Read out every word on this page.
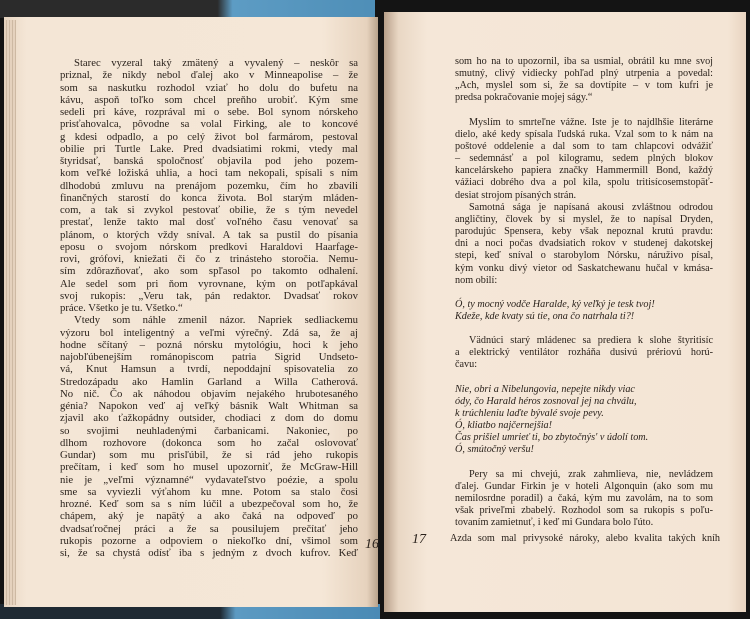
Starec vyzeral taký zmätený a vyvalený – neskôr sa
priznal, že nikdy nebol ďalej ako v Minneapolise – že
som sa naskutku rozhodol vziať ho dolu do bufetu na
kávu, aspoň toľko som chcel preňho urobiť. Kým sme
sedeli pri káve, rozprával mi o sebe. Bol synom nórskeho
prisťahovalca, pôvodne sa volal Firking, ale to koncové
g kdesi odpadlo, a po celý život bol farmárom, pestoval
obilie pri Turtle Lake. Pred dvadsiatimi rokmi, vtedy mal
štyridsať, banská spoločnosť objavila pod jeho pozem-
kom veľké ložiská uhlia, a hoci tam nekopali, spísali s ním
dlhodobú zmluvu na prenájom pozemku, čím ho zbavili
finančných starostí do konca života. Bol starým mláden-
com, a tak si zvykol pestovať obilie, že s tým nevedel
prestať, lenže takto mal dosť voľného času venovať sa
plánom, o ktorých vždy sníval. A tak sa pustil do písania
eposu o svojom nórskom predkovi Haraldovi Haarfage-
rovi, grófovi, kniežati či čo z trinásteho storočia. Nemu-
sím zdôrazňovať, ako som spľasol po takomto odhalení.
Ale sedel som pri ňom vyrovnane, kým on potľapkával
svoj rukopis: „Veru tak, pán redaktor. Dvadsať rokov
práce. Všetko je tu. Všetko.“
Vtedy som náhle zmenil názor. Napriek sedliackemu
výzoru bol inteligentný a veľmi výrečný. Zdá sa, že aj
hodne sčítaný – pozná nórsku mytológiu, hoci k jeho
najobľúbenejším románopiscom patria Sigrid Undseto-
vá, Knut Hamsun a tvrdí, nepoddajní spisovatelia zo
Stredozápadu ako Hamlin Garland a Willa Catherová.
No nič. Čo ak náhodou objavím nejakého hrubotesaného
génia? Napokon veď aj veľký básnik Walt Whitman sa
zjavil ako ťažkopádny outsider, chodiaci z dom do domu
so svojimi neuhladenými čarbanicami. Nakoniec, po
dlhom rozhovore (dokonca som ho začal oslovovať
Gundar) som mu prisľúbil, že si rád jeho rukopis
prečítam, i keď som ho musel upozorniť, že McGraw-Hill
nie je „veľmi významné“ vydavateľstvo poézie, a spolu
sme sa vyviezli výťahom ku mne. Potom sa stalo čosi
hrozné. Keď som sa s ním lúčil a ubezpečoval som ho, že
chápem, aký je napätý a ako čaká na odpoveď po
dvadsaťročnej práci a že sa pousilujem prečítať jeho
rukopis pozorne a odpoviem o niekoľko dní, všimol som
si, že sa chystá odísť iba s jedným z dvoch kufrov. Keď
16
som ho na to upozornil, iba sa usmial, obrátil ku mne svoj
smutný, clivý vidiecky pohľad plný utrpenia a povedal:
„Ach, myslel som si, že sa dovtípite – v tom kufri je
predsa pokračovanie mojej ságy.“
Myslím to smrteľne vážne. Iste je to najdlhšie literárne
dielo, aké kedy spísala ľudská ruka. Vzal som to k nám na
poštové oddelenie a dal som to tam chlapcovi odvážiť
– sedemnásť a pol kilogramu, sedem plných blokov
kancelárskeho papiera značky Hammermill Bond, každý
vážiaci dobrého dva a pol kila, spolu tritisícosemstopäť-
desiat strojom písaných strán.
Samotná sága je napísaná akousi zvláštnou odrodou
angličtiny, človek by si myslel, že to napísal Dryden,
parodujúc Spensera, keby však nepoznal krutú pravdu:
dni a noci počas dvadsiatich rokov v studenej dakotskej
stepi, keď sníval o starobylom Nórsku, náruživo písal,
kým vonku divý vietor od Saskatchewanu hučal v kmása-
nom obilí:
Ó, ty mocný vodče Haralde, ký veľký je tesk tvoj!
Kdeže, kde kvaty sú tie, ona čo natrhala ti?!
Vädnúci starý mládenec sa prediera k slohe štyritisíc
a elektrický ventilátor rozháňa dusivú prériovú horú-
čavu:
Nie, obri a Nibelungovia, nepejte nikdy viac
ódy, čo Harald héros zosnoval jej na chválu,
k trúchleniu laďte bývalé svoje pevy.
Ó, kliatbo najčernejšia!
Čas prišiel umrieť ti, bo zbytočnýs' v údolí tom.
Ó, smútočný veršu!
Pery sa mi chvejú, zrak zahmlieva, nie, nevládzem
ďalej. Gundar Firkin je v hoteli Algonquin (ako som mu
nemilosrdne poradil) a čaká, kým mu zavolám, na to som
však priveľmi zbabelý. Rozhodol som sa rukopis s poľu-
tovaním zamietnuť, i keď mi Gundara bolo ľúto.
17 Azda som mal privysoké nároky, alebo kvalita takých kníh
